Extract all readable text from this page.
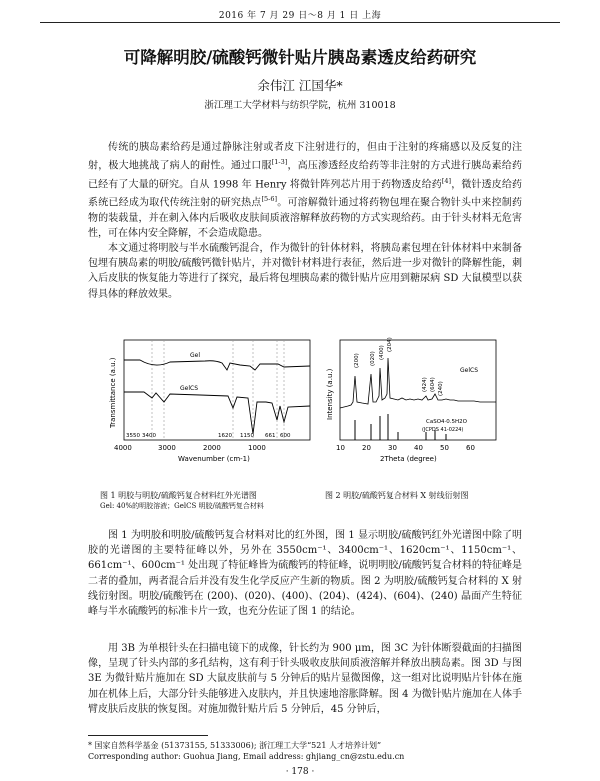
2016 年 7 月 29 日～8 月 1 日 上海
可降解明胶/硫酸钙微针贴片胰岛素透皮给药研究
余伟江 江国华*
浙江理工大学材料与纺织学院，杭州 310018
传统的胰岛素给药是通过静脉注射或者皮下注射进行的，但由于注射的疼痛感以及反复的注射，极大地挑战了病人的耐性。通过口服[1-3]，高压渗透经皮给药等非注射的方式进行胰岛素给药已经有了大量的研究。自从 1998 年 Henry 将微针阵列芯片用于药物透皮给药[4]，微针透皮给药系统已经成为取代传统注射的研究热点[5-6]。可溶解微针通过将药物包埋在聚合物针头中来控制药物的装载量，并在刺入体内后吸收皮肤间质液溶解释放药物的方式实现给药。由于针头材料无危害性，可在体内安全降解，不会造成隐患。
本文通过将明胶与半水硫酸钙混合，作为微针的针体材料，将胰岛素包埋在针体材料中来制备包埋有胰岛素的明胶/硫酸钙微针贴片，并对微针材料进行表征，然后进一步对微针的降解性能，刺入后皮肤的恢复能力等进行了探究，最后将包埋胰岛素的微针贴片应用到糖尿病 SD 大鼠模型以获得具体的释放效果。
Gel
GelCS
3550 3400	1620 1150 661 600
Transmittance (a.u.)
4000	3000	2000	1000
Wavenumber (cm-1)
(200) (020) (400)
(204)
(424) (604) (240)
GelCS
CaSO4·0.5H2O
(JCPDS 41-0224)
Intensity (a.u.)
10 20 30 40 50 60
2Theta (degree)
图 1 明胶与明胶/硫酸钙复合材料红外光谱图
Gel: 40%的明胶溶液；GelCS 明胶/硫酸钙复合材料
图 2 明胶/硫酸钙复合材料 X 射线衍射图
图 1 为明胶和明胶/硫酸钙复合材料对比的红外图，图 1 显示明胶/硫酸钙红外光谱图中除了明胶的光谱图的主要特征峰以外，另外在 3550cm⁻¹、3400cm⁻¹、1620cm⁻¹、1150cm⁻¹、661cm⁻¹、600cm⁻¹ 处出现了特征峰皆为硫酸钙的特征峰，说明明胶/硫酸钙复合材料的特征峰是二者的叠加，两者混合后并没有发生化学反应产生新的物质。图 2 为明胶/硫酸钙复合材料的 X 射线衍射图。明胶/硫酸钙在 (200)、(020)、(400)、(204)、(424)、(604)、(240) 晶面产生特征峰与半水硫酸钙的标准卡片一致，也充分佐证了图 1 的结论。
用 3B 为单根针头在扫描电镜下的成像，针长约为 900 μm，图 3C 为针体断裂截面的扫描图像，呈现了针头内部的多孔结构，这有利于针头吸收皮肤间质液溶解并释放出胰岛素。图 3D 与图 3E 为微针贴片施加在 SD 大鼠皮肤前与 5 分钟后的贴片显微图像，这一组对比说明贴片针体在施加在机体上后，大部分针头能够进入皮肤内，并且快速地溶胀降解。图 4 为微针贴片施加在人体手臂皮肤后皮肤的恢复图。对施加微针贴片后 5 分钟后，45 分钟后，
* 国家自然科学基金 (51373155, 51333006); 浙江理工大学“521 人才培养计划”
Corresponding author: Guohua Jiang, Email address: ghjiang_cn@zstu.edu.cn
· 178 ·
